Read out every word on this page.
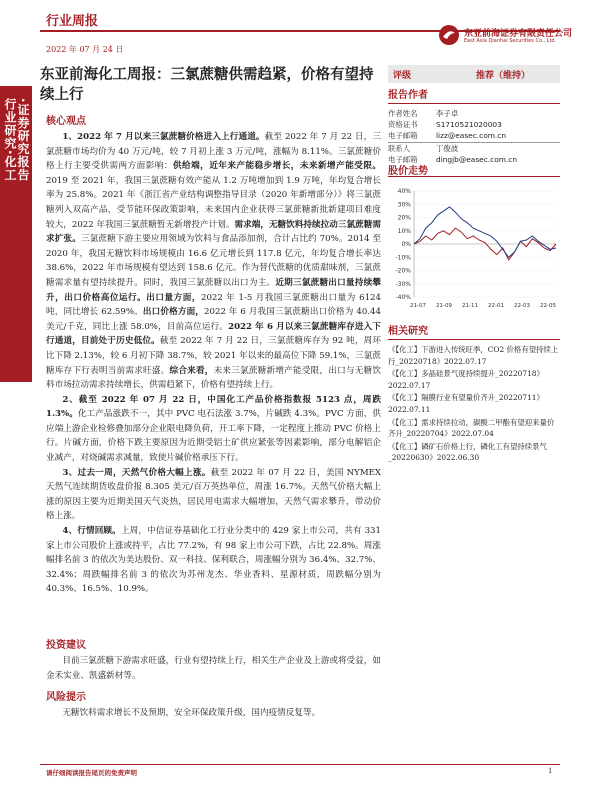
行业周报
2022 年 07 月 24 日
东亚前海证券有限责任公司
East Asia Qianhai Securities Co., Ltd.
行业研究·化工 ·证券研究报告
东亚前海化工周报：三氯蔗糖供需趋紧，价格有望持续上行
评级	推荐（维持）
报告作者
作者姓名	李子卓
资格证书	S1710521020003
电子邮箱	lizz@easec.com.cn
联系人	丁俊波
电子邮箱	dingjb@easec.com.cn
股价走势
40%
30%
20%
10%
0%
-10%
-20%
-30%
-40%
21-07 21-09 21-11 22-01 22-03 22-05
相关研究
《【化工】下游进入传统旺季，CO2 价格有望持续上行_20220718》2022.07.17
《【化工】多晶硅景气度持续提升_20220718》2022.07.17
《【化工】隔膜行业有望量价齐升_20220711》2022.07.11
《【化工】需求持续拉动，碳酸二甲酯有望迎来量价齐升_20220704》2022.07.04
《【化工】磷矿石价格上行，磷化工有望持续景气_20220630》2022.06.30
核心观点

1、2022 年 7 月以来三氯蔗糖价格进入上行通道。截至 2022 年 7 月 22 日，三氯蔗糖市场均价为 40 万元/吨，较 7 月初上涨 3 万元/吨，涨幅为 8.11%。三氯蔗糖价格上行主要受供需两方面影响：供给端，近年来产能稳步增长，未来新增产能受限。2019 至 2021 年，我国三氯蔗糖有效产能从 1.2 万吨增加到 1.9 万吨，年均复合增长率为 25.8%。2021 年《浙江省产业结构调整指导目录（2020 年新增部分）》将三氯蔗糖列入双高产品，受节能环保政策影响，未来国内企业获得三氯蔗糖新批新建项目难度较大，2022 年我国三氯蔗糖暂无新增投产计划。需求端，无糖饮料持续拉动三氯蔗糖需求扩张。三氯蔗糖下游主要应用领域为饮料与食品添加剂，合计占比约 70%。2014 至 2020 年，我国无糖饮料市场规模由 16.6 亿元增长到 117.8 亿元，年均复合增长率达 38.6%，2022 年市场规模有望达到 158.6 亿元。作为替代蔗糖的优质甜味剂，三氯蔗糖需求量有望持续提升。同时，我国三氯蔗糖以出口为主。近期三氯蔗糖出口量持续攀升，出口价格高位运行。出口量方面，2022 年 1-5 月我国三氯蔗糖出口量为 6124 吨，同比增长 62.59%。出口价格方面，2022 年 6 月我国三氯蔗糖出口价格为 40.44 美元/千克，同比上涨 58.0%，目前高位运行。2022 年 6 月以来三氯蔗糖库存进入下行通道，目前处于历史低位。截至 2022 年 7 月 22 日，三氯蔗糖库存为 92 吨，周环比下降 2.13%，较 6 月初下降 38.7%，较 2021 年以来的最高位下降 59.1%，三氯蔗糖库存下行表明当前需求旺盛。综合来看，未来三氯蔗糖新增产能受限，出口与无糖饮料市场拉动需求持续增长，供需趋紧下，价格有望持续上行。

2、截至 2022 年 07 月 22 日，中国化工产品价格指数报 5123 点，周跌 1.3%。化工产品涨跌不一，其中 PVC 电石法涨 3.7%，片碱跌 4.3%。PVC 方面，供应端上游企业检修叠加部分企业限电降负荷，开工率下降，一定程度上推动 PVC 价格上行。片碱方面，价格下跌主要原因为近期受铝土矿供应紧张等因素影响，部分电解铝企业减产，对烧碱需求减量，致使片碱价格承压下行。

3、过去一周，天然气价格大幅上涨。截至 2022 年 07 月 22 日，美国 NYMEX 天然气连续期货收盘价报 8.305 美元/百万英热单位，周涨 16.7%。天然气价格大幅上涨的原因主要为近期美国天气炎热，居民用电需求大幅增加，天然气需求攀升，带动价格上涨。

4、行情回顾。上周，中信证券基础化工行业分类中的 429 家上市公司，共有 331 家上市公司股价上涨或持平，占比 77.2%，有 98 家上市公司下跌，占比 22.8%。周涨幅排名前 3 的依次为美达股份、双一科技、保利联合，周涨幅分别为 36.4%、32.7%、32.4%；周跌幅排名前 3 的依次为苏州龙杰、华业香料、星源材质，周跌幅分别为 40.3%、16.5%、10.9%。

投资建议

目前三氯蔗糖下游需求旺盛，行业有望持续上行，相关生产企业及上游或将受益，如金禾实业、凯盛新材等。

风险提示

无糖饮料需求增长不及预期，安全环保政策升级，国内疫情反复等。

请仔细阅读报告尾页的免责声明	1
